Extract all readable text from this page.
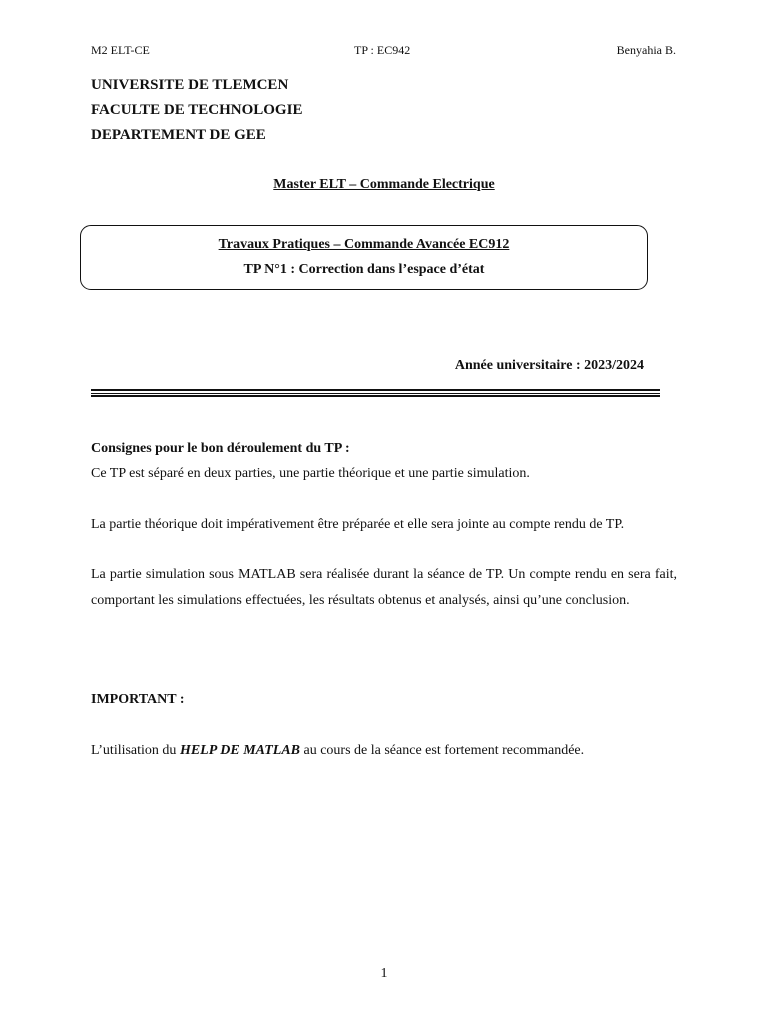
M2 ELT-CE	TP : EC942	Benyahia B.
UNIVERSITE DE TLEMCEN
FACULTE DE TECHNOLOGIE
DEPARTEMENT DE GEE
Master ELT – Commande Electrique
Travaux Pratiques – Commande Avancée EC912
TP N°1 : Correction dans l’espace d’état
Année universitaire : 2023/2024
Consignes pour le bon déroulement du TP :
Ce TP est séparé en deux parties, une partie théorique et une partie simulation.
La partie théorique doit impérativement être préparée et elle sera jointe au compte rendu de TP.
La partie simulation sous MATLAB sera réalisée durant la séance de TP. Un compte rendu en sera fait, comportant les simulations effectuées, les résultats obtenus et analysés, ainsi qu’une conclusion.
IMPORTANT :
L’utilisation du HELP DE MATLAB au cours de la séance est fortement recommandée.
1
